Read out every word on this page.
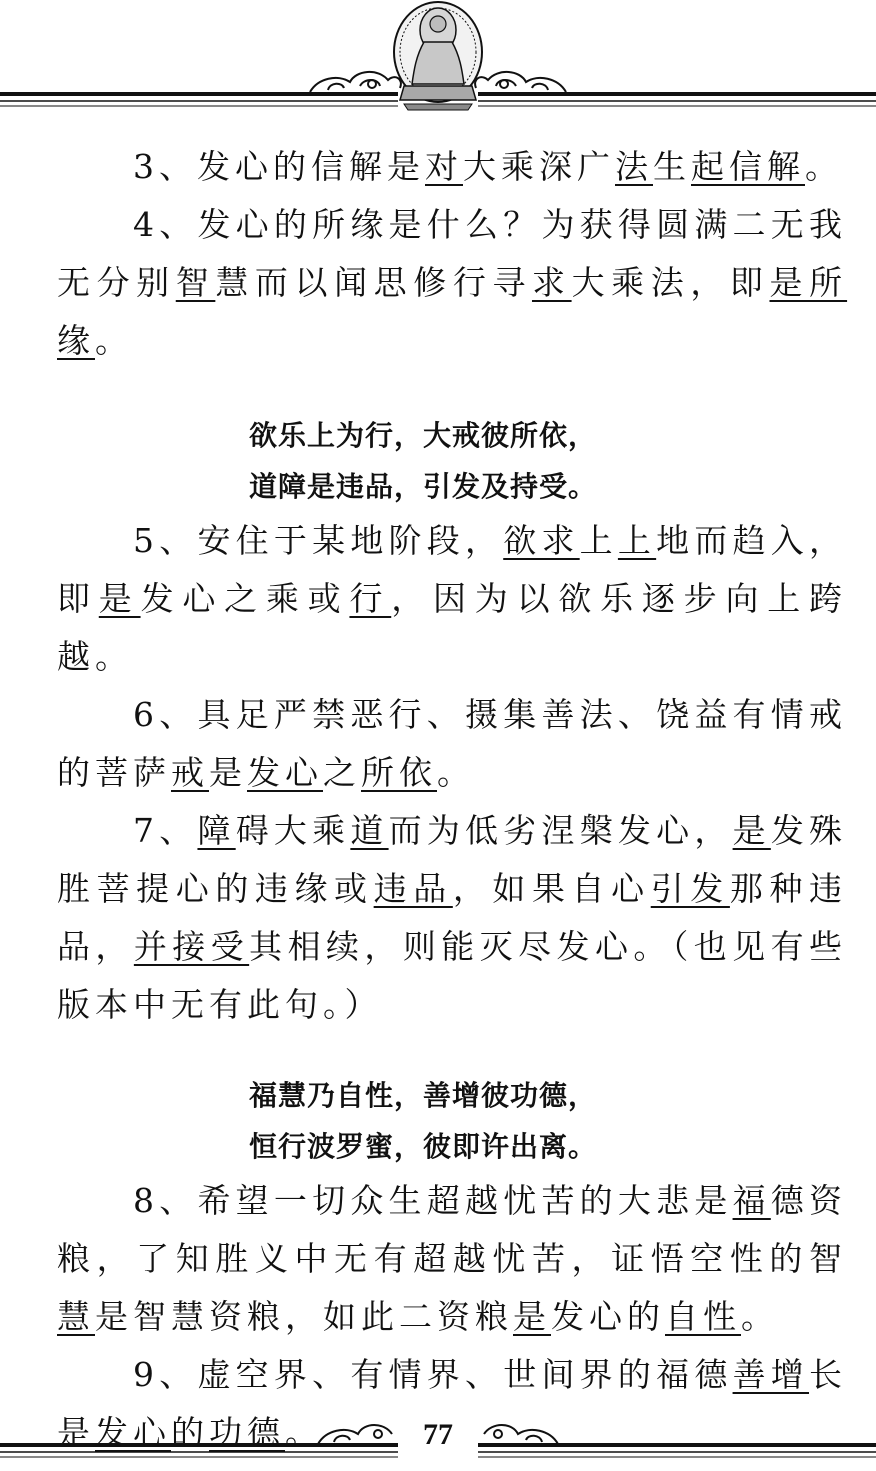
3、发心的信解是对大乘深广法生起信解。

4、发心的所缘是什么？为获得圆满二无我无分别智慧而以闻思修行寻求大乘法，即是所缘。

欲乐上为行，大戒彼所依，

道障是违品，引发及持受。

5、安住于某地阶段，欲求上上地而趋入，即是发心之乘或行，因为以欲乐逐步向上跨越。

6、具足严禁恶行、摄集善法、饶益有情戒的菩萨戒是发心之所依。

7、障碍大乘道而为低劣涅槃发心，是发殊胜菩提心的违缘或违品，如果自心引发那种违品，并接受其相续，则能灭尽发心。（也见有些版本中无有此句。）

福慧乃自性，善增彼功德，

恒行波罗蜜，彼即许出离。

8、希望一切众生超越忧苦的大悲是福德资粮，了知胜义中无有超越忧苦，证悟空性的智慧是智慧资粮，如此二资粮是发心的自性。

9、虚空界、有情界、世间界的福德善增长是发心的功德。	77
